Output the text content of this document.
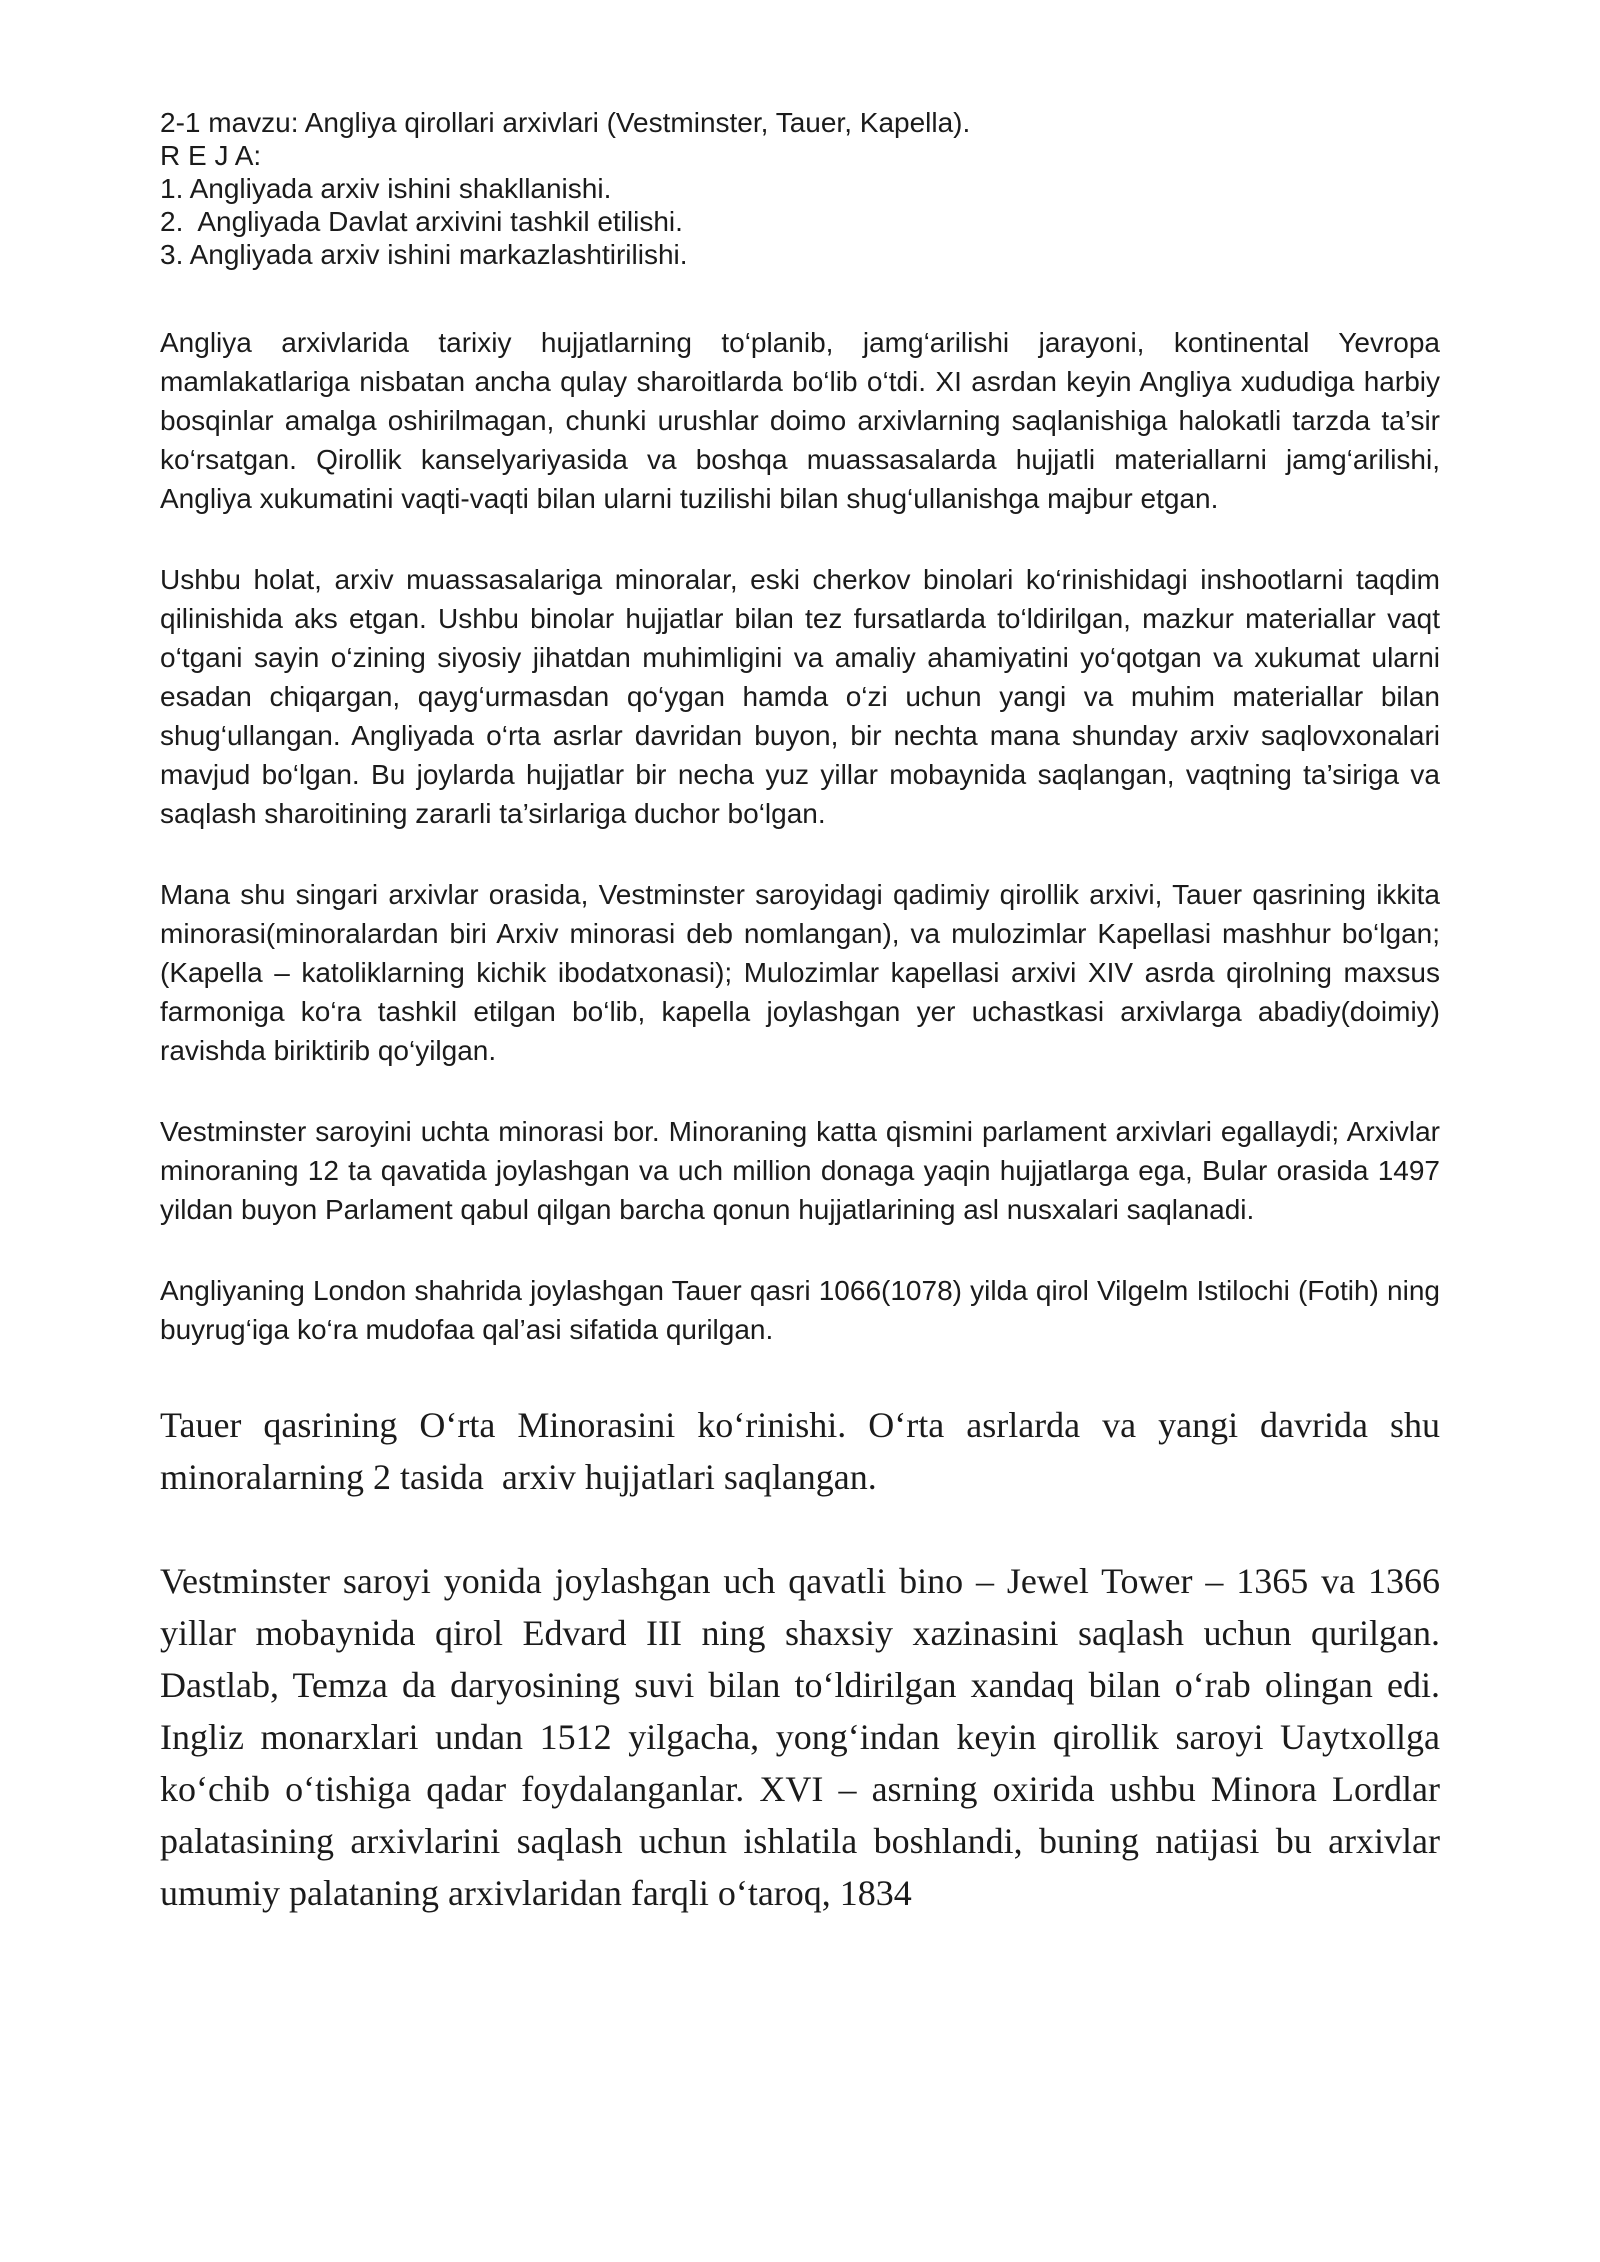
2-1 mavzu: Angliya qirollari arxivlari (Vestminster, Tauer, Kapella).

R E J A:

1. Angliyada arxiv ishini shakllanishi.

2.  Angliyada Davlat arxivini tashkil etilishi.

3. Angliyada arxiv ishini markazlashtirilishi.

Angliya arxivlarida tarixiy hujjatlarning to‘planib, jamg‘arilishi jarayoni, kontinental Yevropa mamlakatlariga nisbatan ancha qulay sharoitlarda bo‘lib o‘tdi. XI asrdan keyin Angliya xududiga harbiy bosqinlar amalga oshirilmagan, chunki urushlar doimo arxivlarning saqlanishiga halokatli tarzda ta’sir ko‘rsatgan. Qirollik kanselyariyasida va boshqa muassasalarda hujjatli materiallarni jamg‘arilishi, Angliya xukumatini vaqti-vaqti bilan ularni tuzilishi bilan shug‘ullanishga majbur etgan.

Ushbu holat, arxiv muassasalariga minoralar, eski cherkov binolari ko‘rinishidagi inshootlarni taqdim qilinishida aks etgan. Ushbu binolar hujjatlar bilan tez fursatlarda to‘ldirilgan, mazkur materiallar vaqt o‘tgani sayin o‘zining siyosiy jihatdan muhimligini va amaliy ahamiyatini yo‘qotgan va xukumat ularni esadan chiqargan, qayg‘urmasdan qo‘ygan hamda o‘zi uchun yangi va muhim materiallar bilan shug‘ullangan. Angliyada o‘rta asrlar davridan buyon, bir nechta mana shunday arxiv saqlovxonalari mavjud bo‘lgan. Bu joylarda hujjatlar bir necha yuz yillar mobaynida saqlangan, vaqtning ta’siriga va saqlash sharoitining zararli ta’sirlariga duchor bo‘lgan.

Mana shu singari arxivlar orasida, Vestminster saroyidagi qadimiy qirollik arxivi, Tauer qasrining ikkita minorasi(minoralardan biri Arxiv minorasi deb nomlangan), va mulozimlar Kapellasi mashhur bo‘lgan; (Kapella – katoliklarning kichik ibodatxonasi); Mulozimlar kapellasi arxivi XIV asrda qirolning maxsus farmoniga ko‘ra tashkil etilgan bo‘lib, kapella joylashgan yer uchastkasi arxivlarga abadiy(doimiy) ravishda biriktirib qo‘yilgan.

Vestminster saroyini uchta minorasi bor. Minoraning katta qismini parlament arxivlari egallaydi; Arxivlar minoraning 12 ta qavatida joylashgan va uch million donaga yaqin hujjatlarga ega, Bular orasida 1497 yildan buyon Parlament qabul qilgan barcha qonun hujjatlarining asl nusxalari saqlanadi.

Angliyaning London shahrida joylashgan Tauer qasri 1066(1078) yilda qirol Vilgelm Istilochi (Fotih) ning buyrug‘iga ko‘ra mudofaa qal’asi sifatida qurilgan.

Tauer qasrining O‘rta Minorasini ko‘rinishi. O‘rta asrlarda va yangi davrida shu minoralarning 2 tasida  arxiv hujjatlari saqlangan.

Vestminster saroyi yonida joylashgan uch qavatli bino – Jewel Tower – 1365 va 1366 yillar mobaynida qirol Edvard III ning shaxsiy xazinasini saqlash uchun qurilgan. Dastlab, Temza da daryosining suvi bilan to‘ldirilgan xandaq bilan o‘rab olingan edi. Ingliz monarxlari undan 1512 yilgacha, yong‘indan keyin qirollik saroyi Uaytxollga ko‘chib o‘tishiga qadar foydalanganlar. XVI – asrning oxirida ushbu Minora Lordlar palatasining arxivlarini saqlash uchun ishlatila boshlandi, buning natijasi bu arxivlar umumiy palataning arxivlaridan farqli o‘taroq, 1834
